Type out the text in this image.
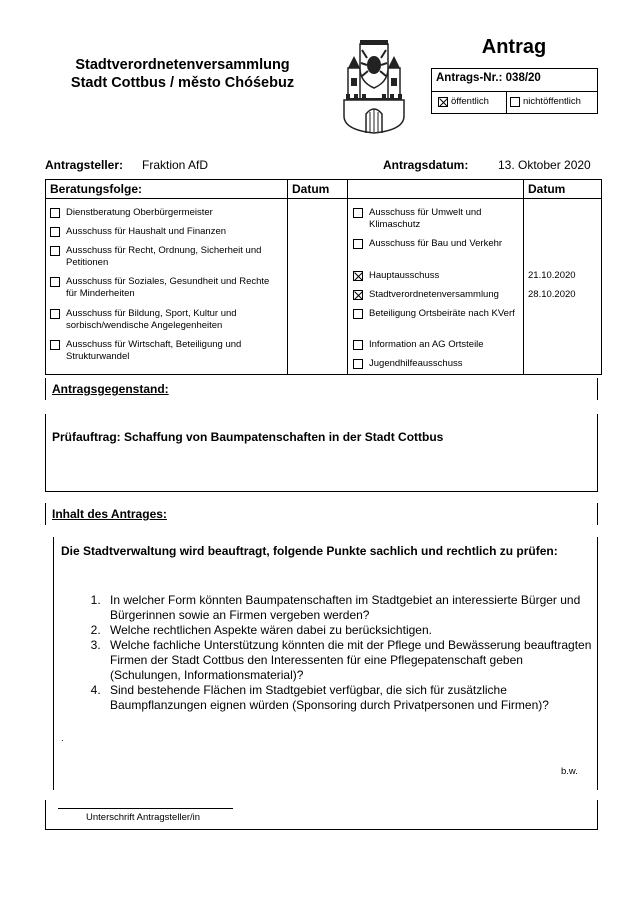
Stadtverordnetenversammlung
Stadt Cottbus / město Chóśebuz
Antrag
Antrags-Nr.: 038/20
öffentlich	nichtöffentlich
Antragsteller: Fraktion AfD	Antragsdatum: 13. Oktober 2020
Beratungsfolge:	Datum	Datum
Dienstberatung Oberbürgermeister
Ausschuss für Haushalt und Finanzen
Ausschuss für Recht, Ordnung, Sicherheit und Petitionen
Ausschuss für Soziales, Gesundheit und Rechte für Minderheiten
Ausschuss für Bildung, Sport, Kultur und sorbisch/wendische Angelegenheiten
Ausschuss für Wirtschaft, Beteiligung und Strukturwandel
Ausschuss für Umwelt und Klimaschutz
Ausschuss für Bau und Verkehr
Hauptausschuss	21.10.2020
Stadtverordnetenversammlung	28.10.2020
Beteiligung Ortsbeiräte nach KVerf
Information an AG Ortsteile
Jugendhilfeausschuss
Antragsgegenstand:
Prüfauftrag: Schaffung von Baumpatenschaften in der Stadt Cottbus
Inhalt des Antrages:
Die Stadtverwaltung wird beauftragt, folgende Punkte sachlich und rechtlich zu prüfen:
1. In welcher Form könnten Baumpatenschaften im Stadtgebiet an interessierte Bürger und Bürgerinnen sowie an Firmen vergeben werden?
2. Welche rechtlichen Aspekte wären dabei zu berücksichtigen.
3. Welche fachliche Unterstützung könnten die mit der Pflege und Bewässerung beauftragten Firmen der Stadt Cottbus den Interessenten für eine Pflegepatenschaft geben (Schulungen, Informationsmaterial)?
4. Sind bestehende Flächen im Stadtgebiet verfügbar, die sich für zusätzliche Baumpflanzungen eignen würden (Sponsoring durch Privatpersonen und Firmen)?
.
b.w.
Unterschrift Antragsteller/in
